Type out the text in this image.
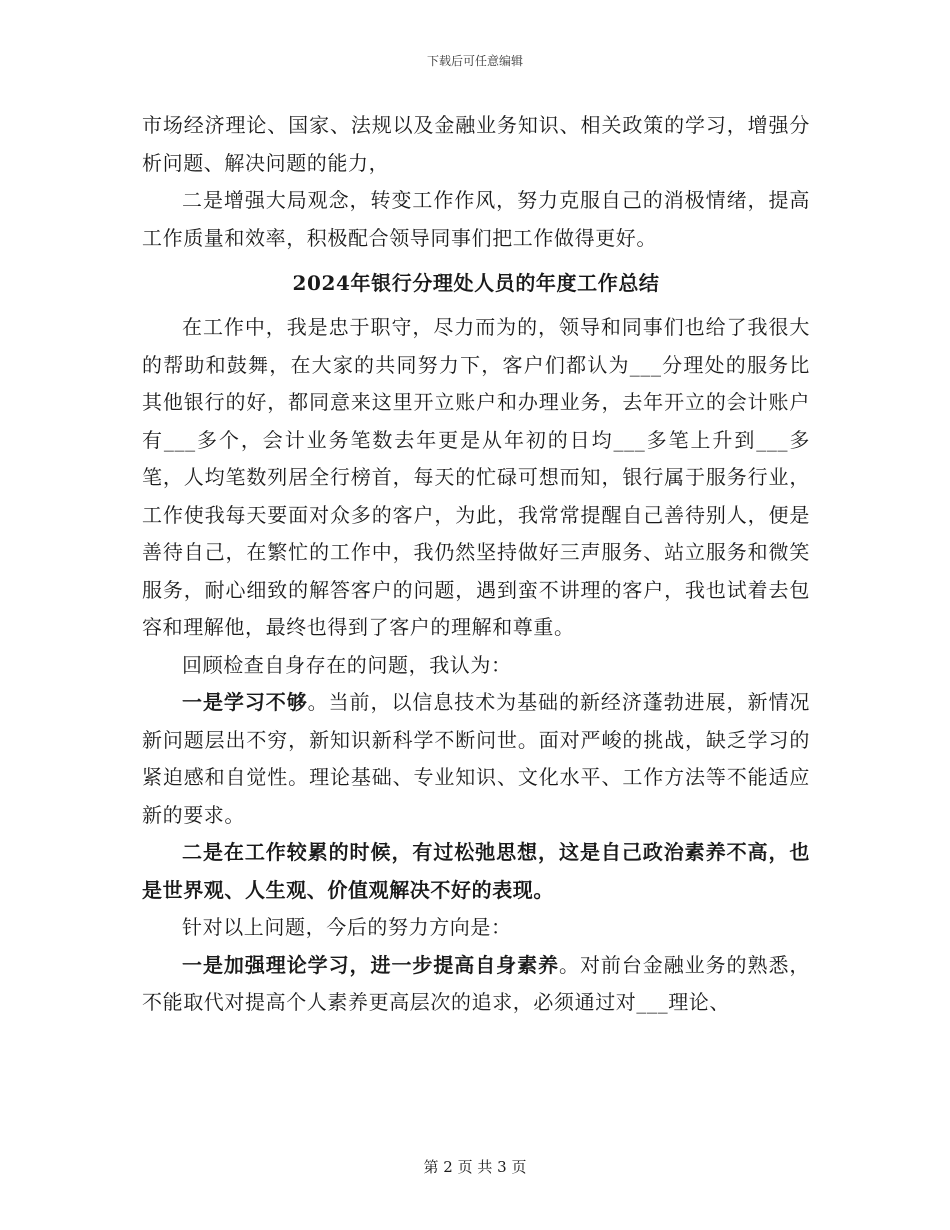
下载后可任意编辑

市场经济理论、国家、法规以及金融业务知识、相关政策的学习，增强分析问题、解决问题的能力，

二是增强大局观念，转变工作作风，努力克服自己的消极情绪，提高工作质量和效率，积极配合领导同事们把工作做得更好。

2024年银行分理处人员的年度工作总结

在工作中，我是忠于职守，尽力而为的，领导和同事们也给了我很大的帮助和鼓舞，在大家的共同努力下，客户们都认为___分理处的服务比其他银行的好，都同意来这里开立账户和办理业务，去年开立的会计账户有___多个，会计业务笔数去年更是从年初的日均___多笔上升到___多笔，人均笔数列居全行榜首，每天的忙碌可想而知，银行属于服务行业，工作使我每天要面对众多的客户，为此，我常常提醒自己善待别人，便是善待自己，在繁忙的工作中，我仍然坚持做好三声服务、站立服务和微笑服务，耐心细致的解答客户的问题，遇到蛮不讲理的客户，我也试着去包容和理解他，最终也得到了客户的理解和尊重。

回顾检查自身存在的问题，我认为：

一是学习不够。当前，以信息技术为基础的新经济蓬勃进展，新情况新问题层出不穷，新知识新科学不断问世。面对严峻的挑战，缺乏学习的紧迫感和自觉性。理论基础、专业知识、文化水平、工作方法等不能适应新的要求。

二是在工作较累的时候，有过松弛思想，这是自己政治素养不高，也是世界观、人生观、价值观解决不好的表现。

针对以上问题，今后的努力方向是：

一是加强理论学习，进一步提高自身素养。对前台金融业务的熟悉，不能取代对提高个人素养更高层次的追求，必须通过对___理论、

第 2 页 共 3 页
